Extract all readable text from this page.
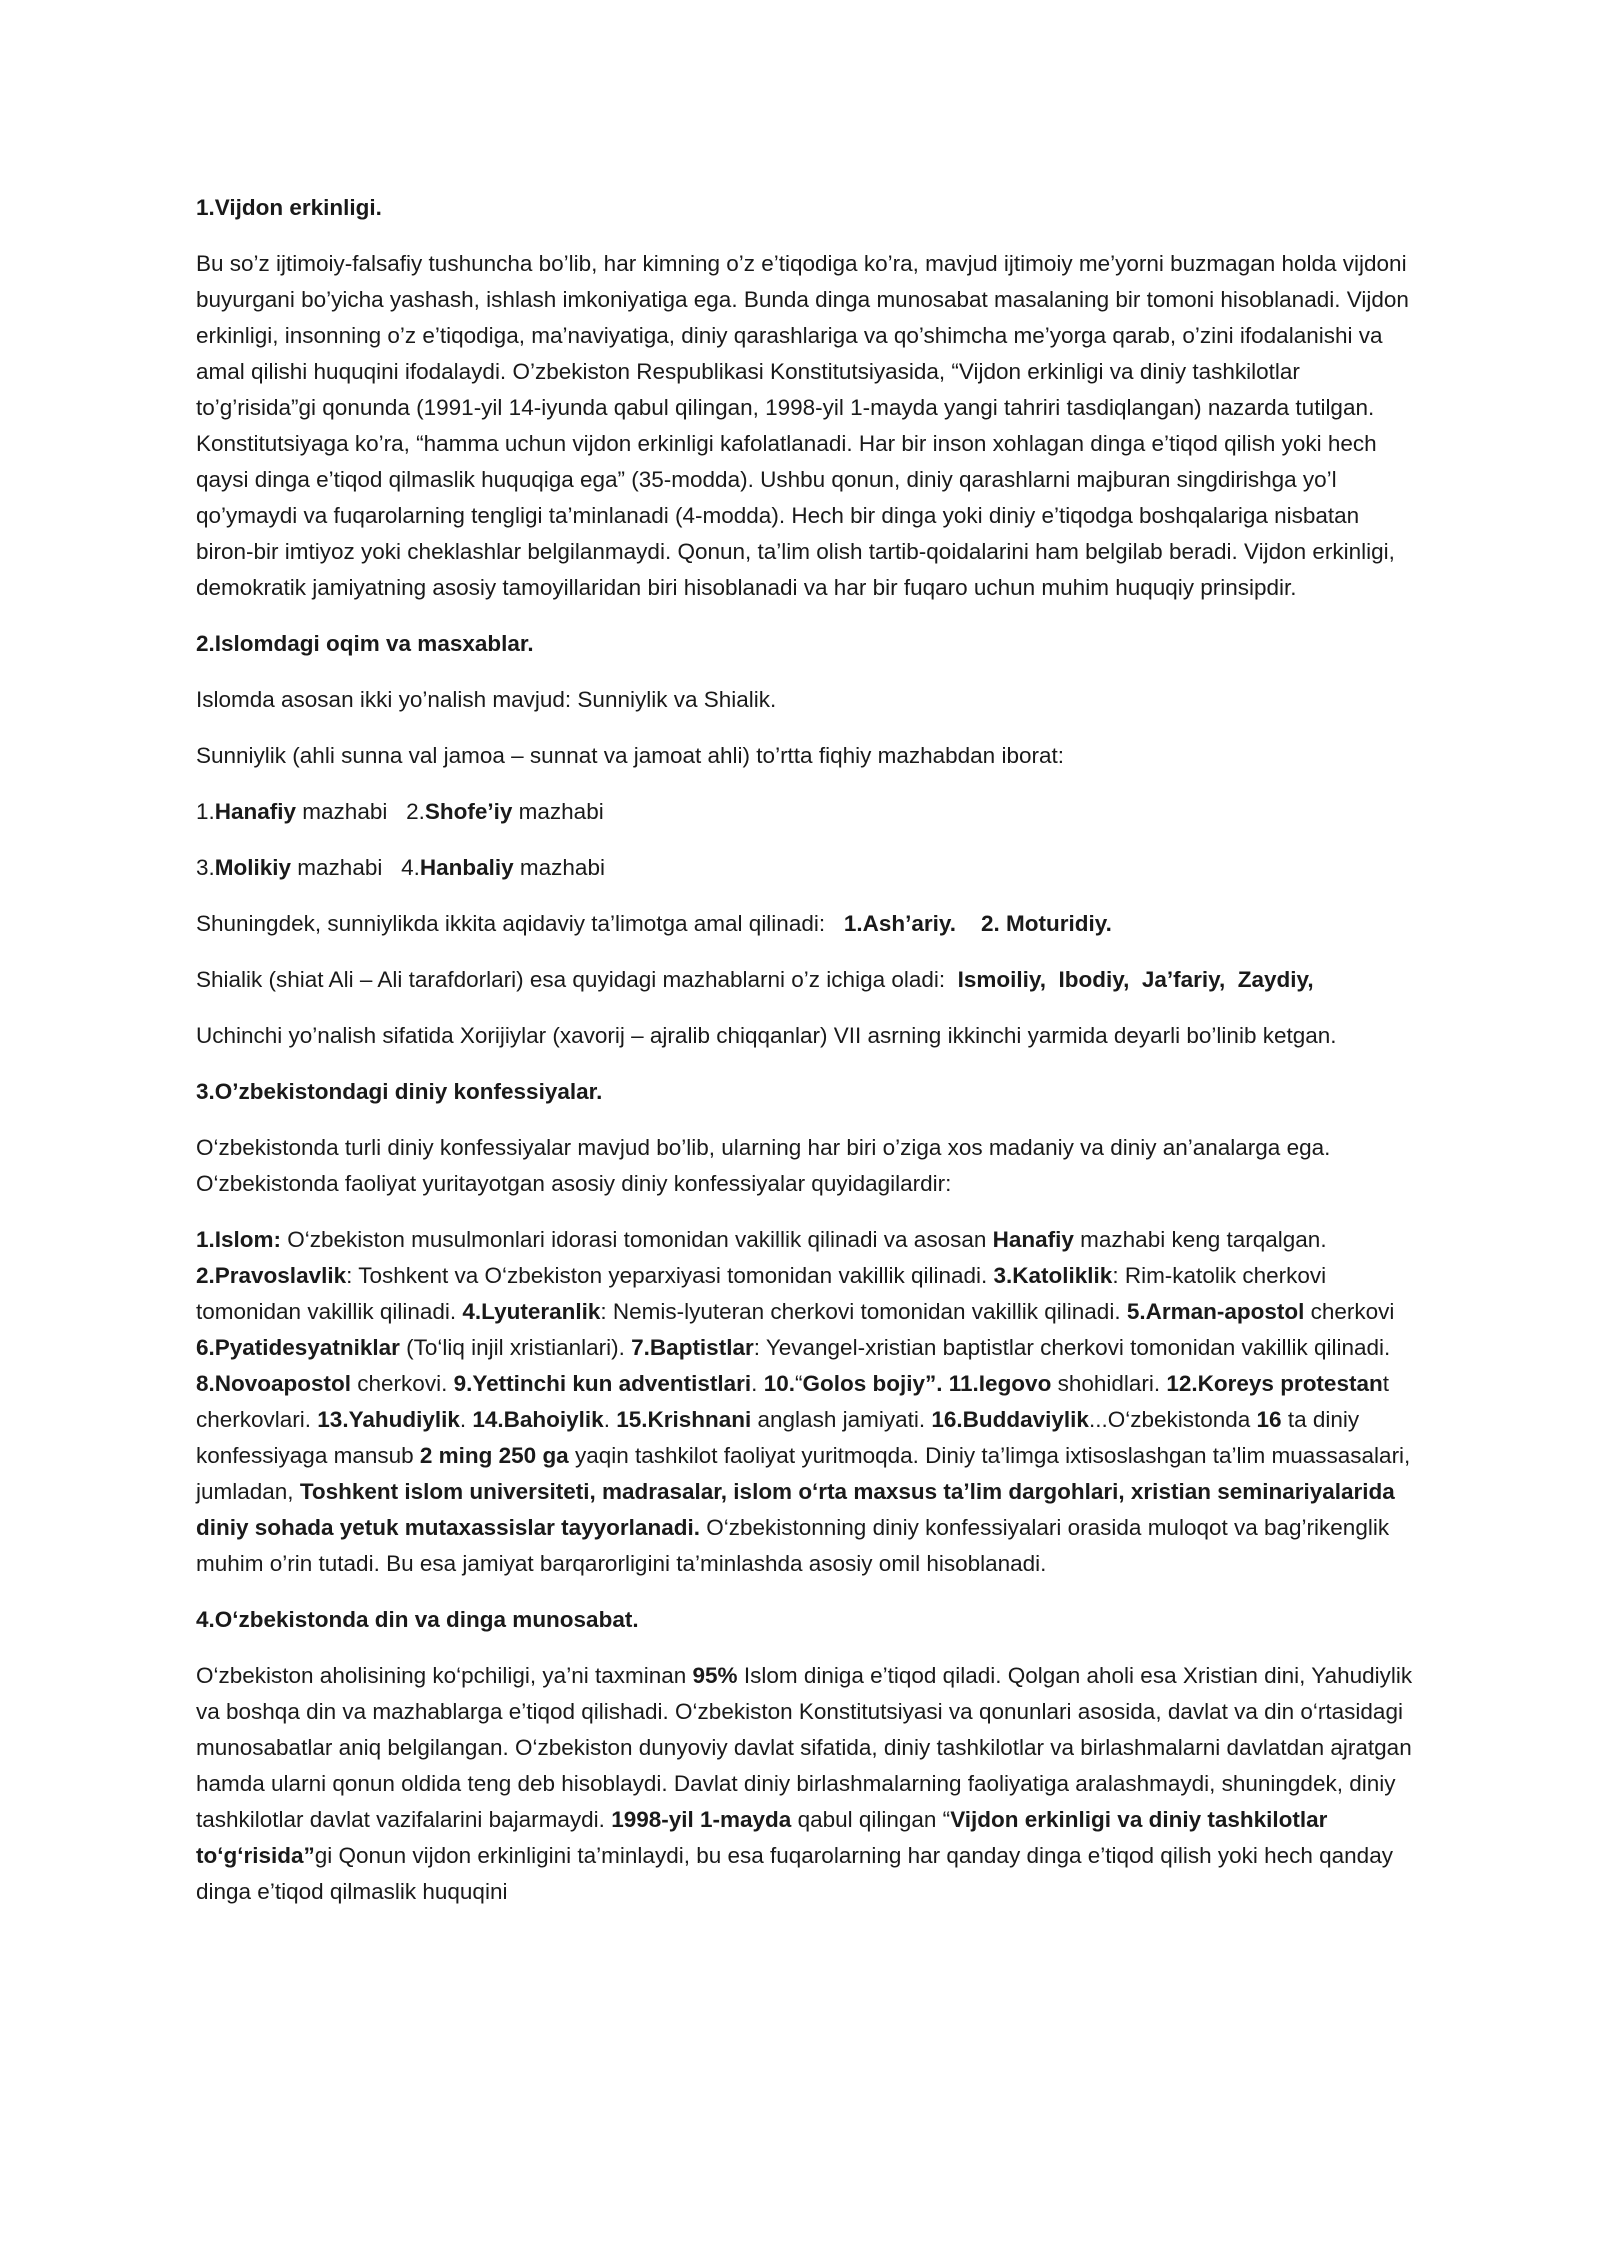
1.Vijdon erkinligi.

Bu so’z ijtimoiy-falsafiy tushuncha bo’lib, har kimning o’z e’tiqodiga ko’ra, mavjud ijtimoiy me’yorni buzmagan holda vijdoni buyurgani bo’yicha yashash, ishlash imkoniyatiga ega. Bunda dinga munosabat masalaning bir tomoni hisoblanadi. Vijdon erkinligi, insonning o’z e’tiqodiga, ma’naviyatiga, diniy qarashlariga va qo’shimcha me’yorga qarab, o’zini ifodalanishi va amal qilishi huquqini ifodalaydi. O’zbekiston Respublikasi Konstitutsiyasida, “Vijdon erkinligi va diniy tashkilotlar to’g’risida”gi qonunda (1991-yil 14-iyunda qabul qilingan, 1998-yil 1-mayda yangi tahriri tasdiqlangan) nazarda tutilgan. Konstitutsiyaga ko’ra, “hamma uchun vijdon erkinligi kafolatlanadi. Har bir inson xohlagan dinga e’tiqod qilish yoki hech qaysi dinga e’tiqod qilmaslik huquqiga ega” (35-modda). Ushbu qonun, diniy qarashlarni majburan singdirishga yo’l qo’ymaydi va fuqarolarning tengligi ta’minlanadi (4-modda). Hech bir dinga yoki diniy e’tiqodga boshqalariga nisbatan biron-bir imtiyoz yoki cheklashlar belgilanmaydi. Qonun, ta’lim olish tartib-qoidalarini ham belgilab beradi. Vijdon erkinligi, demokratik jamiyatning asosiy tamoyillaridan biri hisoblanadi va har bir fuqaro uchun muhim huquqiy prinsipdir.

2.Islomdagi oqim va masxablar.

Islomda asosan ikki yo’nalish mavjud: Sunniylik va Shialik.

Sunniylik (ahli sunna val jamoa – sunnat va jamoat ahli) to’rtta fiqhiy mazhabdan iborat:

1.Hanafiy mazhabi   2.Shofe’iy mazhabi

3.Molikiy mazhabi   4.Hanbaliy mazhabi

Shuningdek, sunniylikda ikkita aqidaviy ta’limotga amal qilinadi:   1.Ash’ariy.    2. Moturidiy.

Shialik (shiat Ali – Ali tarafdorlari) esa quyidagi mazhablarni o’z ichiga oladi:  Ismoiliy,  Ibodiy,  Ja’fariy,  Zaydiy,

Uchinchi yo’nalish sifatida Xorijiylar (xavorij – ajralib chiqqanlar) VII asrning ikkinchi yarmida deyarli bo’linib ketgan.

3.O’zbekistondagi diniy konfessiyalar.

O‘zbekistonda turli diniy konfessiyalar mavjud bo’lib, ularning har biri o’ziga xos madaniy va diniy an’analarga ega. O‘zbekistonda faoliyat yuritayotgan asosiy diniy konfessiyalar quyidagilardir:

1.Islom: O‘zbekiston musulmonlari idorasi tomonidan vakillik qilinadi va asosan Hanafiy mazhabi keng tarqalgan. 2.Pravoslavlik: Toshkent va O‘zbekiston yeparxiyasi tomonidan vakillik qilinadi. 3.Katoliklik: Rim-katolik cherkovi tomonidan vakillik qilinadi. 4.Lyuteranlik: Nemis-lyuteran cherkovi tomonidan vakillik qilinadi. 5.Arman-apostol cherkovi 6.Pyatidesyatniklar (To‘liq injil xristianlari). 7.Baptistlar: Yevangel-xristian baptistlar cherkovi tomonidan vakillik qilinadi. 8.Novoapostol cherkovi. 9.Yettinchi kun adventistlari. 10.“Golos bojiy”. 11.Iegovo shohidlari. 12.Koreys protestant cherkovlari. 13.Yahudiylik. 14.Bahoiylik. 15.Krishnani anglash jamiyati. 16.Buddaviylik...O‘zbekistonda 16 ta diniy konfessiyaga mansub 2 ming 250 ga yaqin tashkilot faoliyat yuritmoqda. Diniy ta’limga ixtisoslashgan ta’lim muassasalari, jumladan, Toshkent islom universiteti, madrasalar, islom o‘rta maxsus ta’lim dargohlari, xristian seminariyalarida diniy sohada yetuk mutaxassislar tayyorlanadi. O‘zbekistonning diniy konfessiyalari orasida muloqot va bag’rikenglik muhim o’rin tutadi. Bu esa jamiyat barqarorligini ta’minlashda asosiy omil hisoblanadi.

4.O‘zbekistonda din va dinga munosabat.

O‘zbekiston aholisining ko‘pchiligi, ya’ni taxminan 95% Islom diniga e’tiqod qiladi. Qolgan aholi esa Xristian dini, Yahudiylik va boshqa din va mazhablarga e’tiqod qilishadi. O‘zbekiston Konstitutsiyasi va qonunlari asosida, davlat va din o‘rtasidagi munosabatlar aniq belgilangan. O‘zbekiston dunyoviy davlat sifatida, diniy tashkilotlar va birlashmalarni davlatdan ajratgan hamda ularni qonun oldida teng deb hisoblaydi. Davlat diniy birlashmalarning faoliyatiga aralashmaydi, shuningdek, diniy tashkilotlar davlat vazifalarini bajarmaydi. 1998-yil 1-mayda qabul qilingan “Vijdon erkinligi va diniy tashkilotlar to‘g‘risida”gi Qonun vijdon erkinligini ta’minlaydi, bu esa fuqarolarning har qanday dinga e’tiqod qilish yoki hech qanday dinga e’tiqod qilmaslik huquqini
